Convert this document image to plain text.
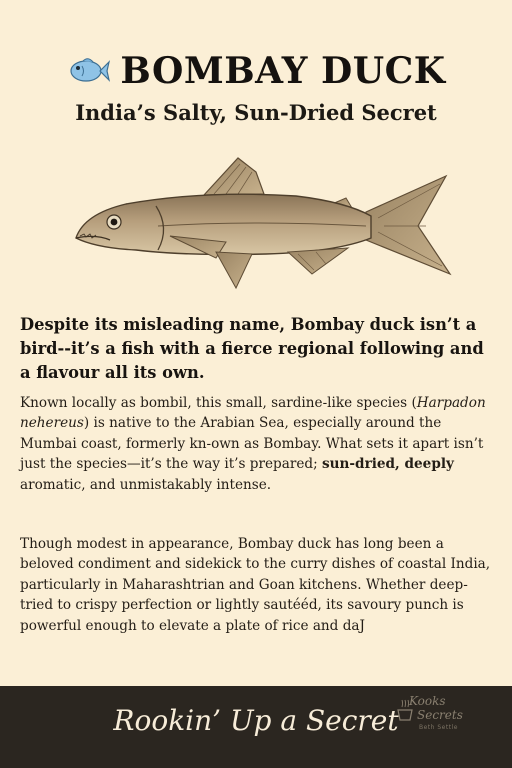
BOMBAY DUCK
India’s Salty, Sun-Dried Secret

Despite its misleading name, Bombay duck isn’t a bird--it’s a fish with a fierce regional following and a flavour all its own.

Known locally as bombil, this small, sardine-like species (Harpadon nehereus) is native to the Arabian Sea, especially around the Mumbai coast, formerly kn-own as Bombay. What sets it apart isn’t just the species—it’s the way it’s prepared; sun-dried, deeply aromatic, and unmistakably intense.

Though modest in appearance, Bombay duck has long been a beloved condiment and sidekick to the curry dishes of coastal India, particularly in Maharashtrian and Goan kitchens. Whether deep-tried to crispy perfection or lightly sautééd, its savoury punch is powerful enough to elevate a plate of rice and daJ

Rookin’ Up a Secret
Kooks
Secrets
Beth Settle
